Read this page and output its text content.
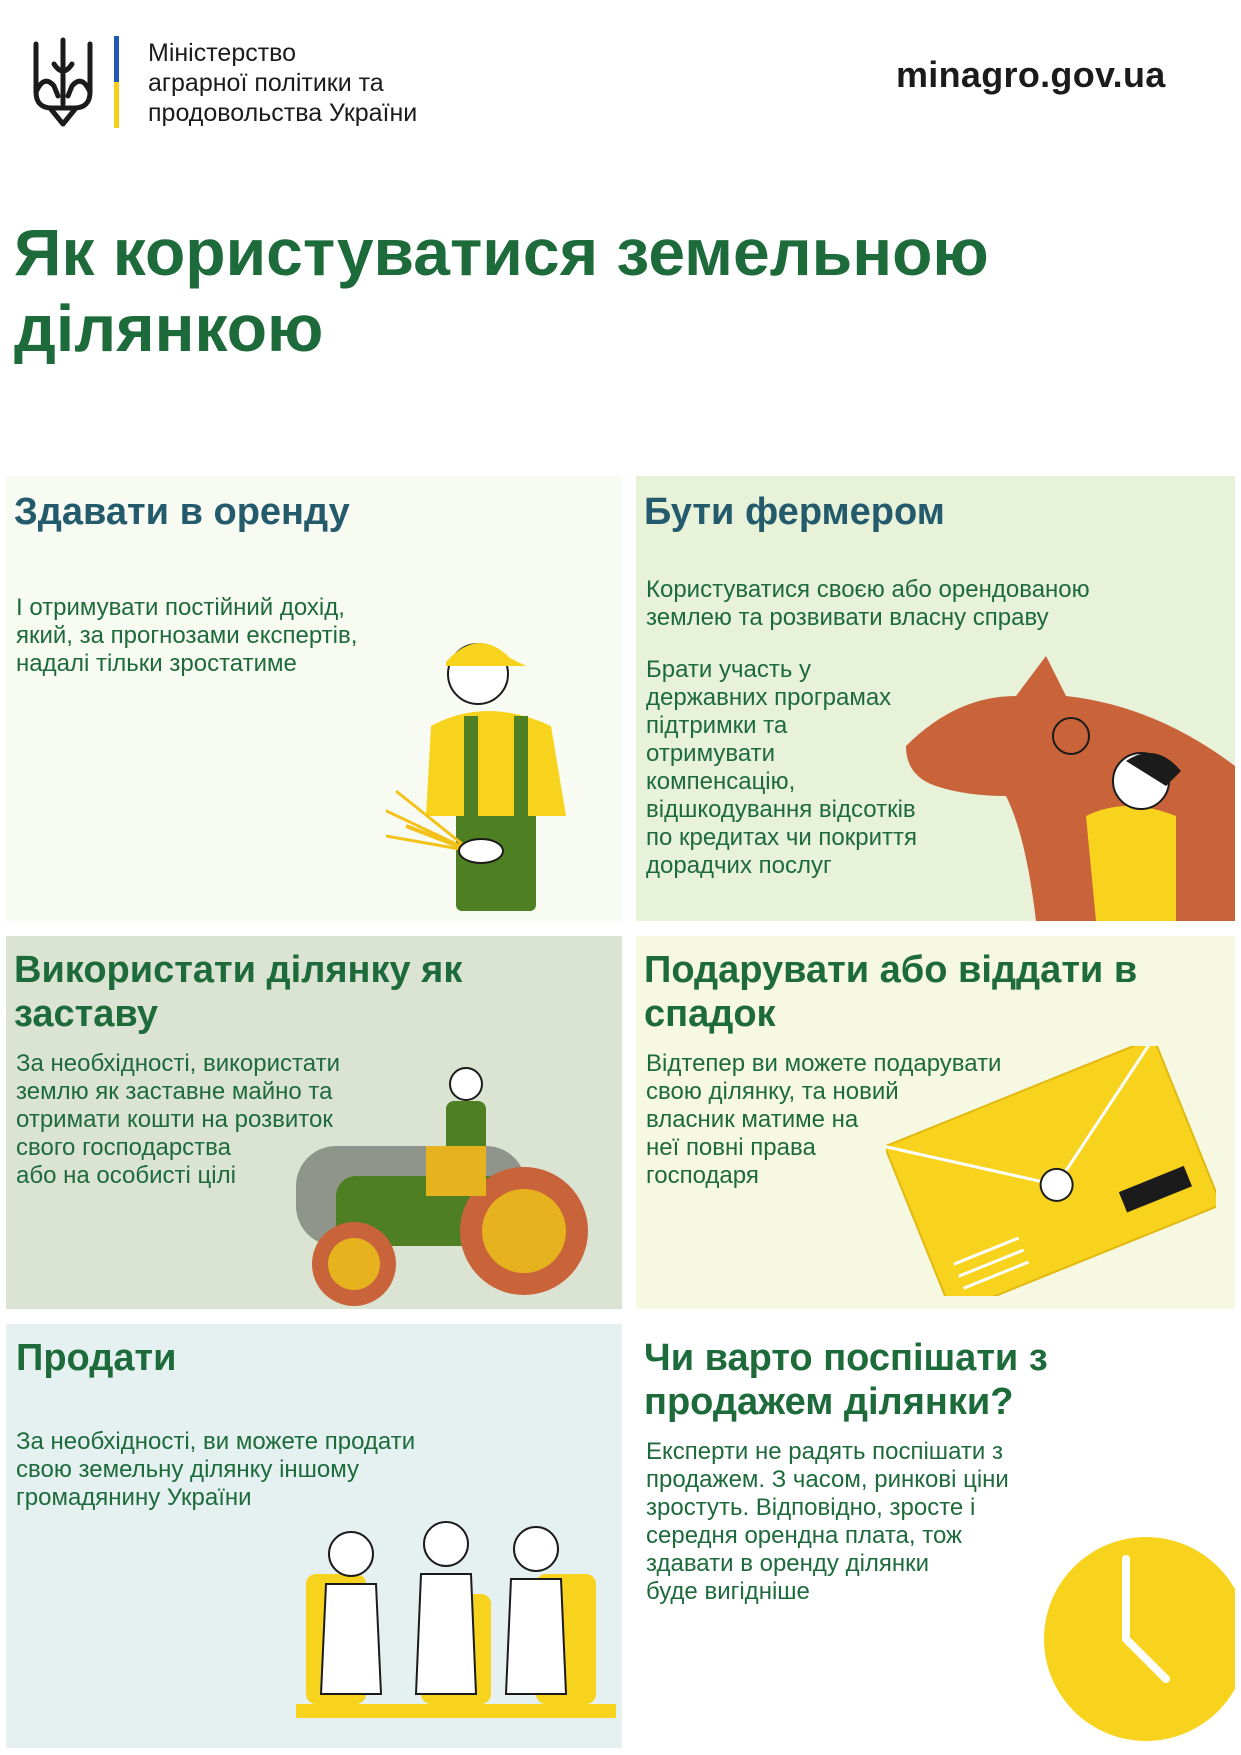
Міністерство
аграрної політики та
продовольства України
minagro.gov.ua
Як користуватися земельною
ділянкою
Здавати в оренду

І отримувати постійний дохід,
який, за прогнозами експертів,
надалі тільки зростатиме

Бути фермером

Користуватися своєю або орендованою
землею та розвивати власну справу

Брати участь у
державних програмах
підтримки та
отримувати
компенсацію,
відшкодування відсотків
по кредитах чи покриття
дорадчих послуг

Використати ділянку як
заставу

За необхідності, використати
землю як заставне майно та
отримати кошти на розвиток
свого господарства
або на особисті цілі

Подарувати або віддати в
спадок

Відтепер ви можете подарувати
свою ділянку, та новий
власник матиме на
неї повні права
господаря

Продати

За необхідності, ви можете продати
свою земельну ділянку іншому
громадянину України

Чи варто поспішати з
продажем ділянки?

Експерти не радять поспішати з
продажем. З часом, ринкові ціни
зростуть. Відповідно, зросте і
середня орендна плата, тож
здавати в оренду ділянки
буде вигідніше
